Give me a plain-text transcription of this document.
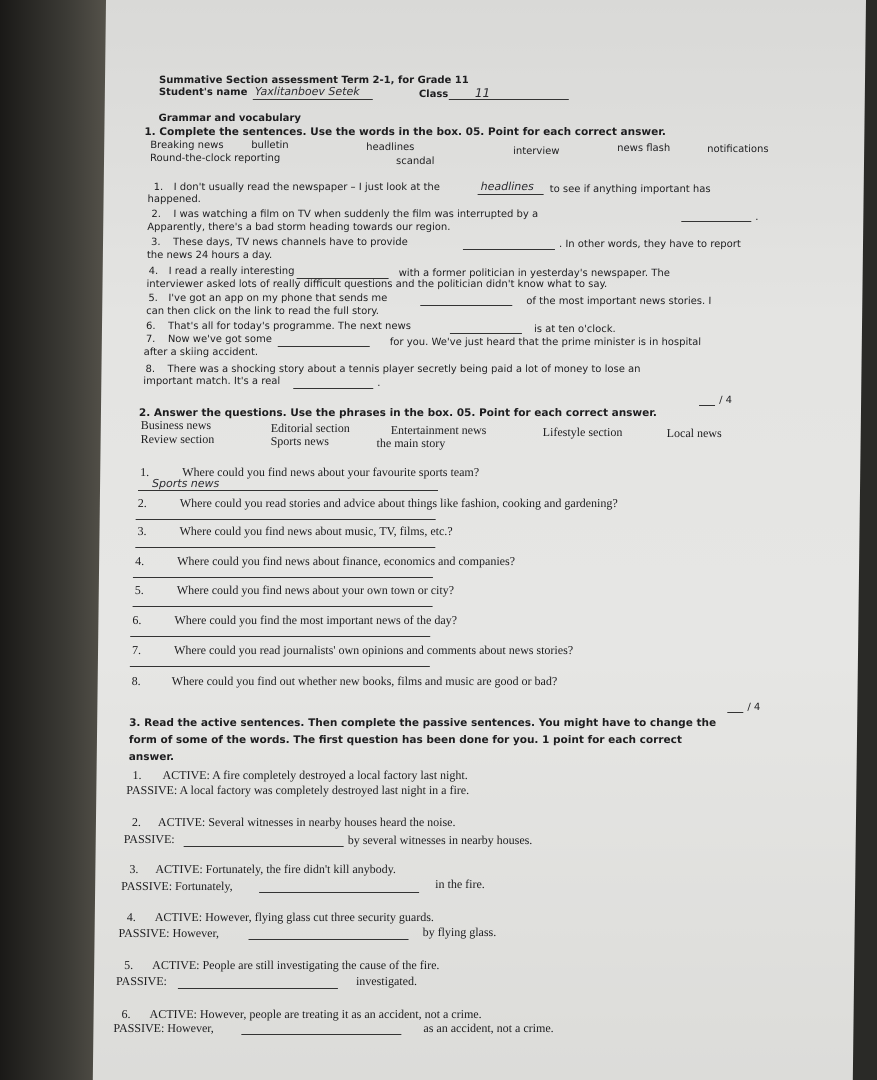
Summative Section assessment Term 2-1, for Grade 11
Student's name Yaxlitanboev Setek	Class 11
Grammar and vocabulary
1. Complete the sentences. Use the words in the box. 05. Point for each correct answer.
Breaking news	bulletin	headlines	interview	news flash	notifications
Round-the-clock reporting	scandal
1. I don't usually read the newspaper – I just look at the	headlines to see if anything important has
happened.
2. I was watching a film on TV when suddenly the film was interrupted by a	.
Apparently, there's a bad storm heading towards our region.
3. These days, TV news channels have to provide	. In other words, they have to report
the news 24 hours a day.
4. I read a really interesting	with a former politician in yesterday's newspaper. The
interviewer asked lots of really difficult questions and the politician didn't know what to say.
5. I've got an app on my phone that sends me	of the most important news stories. I
can then click on the link to read the full story.
6. That's all for today's programme. The next news	is at ten o'clock.
7. Now we've got some	for you. We've just heard that the prime minister is in hospital
after a skiing accident.
8. There was a shocking story about a tennis player secretly being paid a lot of money to lose an
important match. It's a real	.
/ 4
2. Answer the questions. Use the phrases in the box. 05. Point for each correct answer.
Business news	Editorial section	Entertainment news	Lifestyle section	Local news
Review section	Sports news	the main story
1.	Where could you find news about your favourite sports team?
Sports news
2.	Where could you read stories and advice about things like fashion, cooking and gardening?
3.	Where could you find news about music, TV, films, etc.?
4.	Where could you find news about finance, economics and companies?
5.	Where could you find news about your own town or city?
6.	Where could you find the most important news of the day?
7.	Where could you read journalists' own opinions and comments about news stories?
8.	Where could you find out whether new books, films and music are good or bad?
/ 4
3. Read the active sentences. Then complete the passive sentences. You might have to change the
form of some of the words. The first question has been done for you. 1 point for each correct
answer.
1. ACTIVE: A fire completely destroyed a local factory last night.
PASSIVE: A local factory was completely destroyed last night in a fire.
2. ACTIVE: Several witnesses in nearby houses heard the noise.
PASSIVE:	by several witnesses in nearby houses.
3. ACTIVE: Fortunately, the fire didn't kill anybody.
PASSIVE: Fortunately,	in the fire.
4. ACTIVE: However, flying glass cut three security guards.
PASSIVE: However,	by flying glass.
5. ACTIVE: People are still investigating the cause of the fire.
PASSIVE:	investigated.
6. ACTIVE: However, people are treating it as an accident, not a crime.
PASSIVE: However,	as an accident, not a crime.
